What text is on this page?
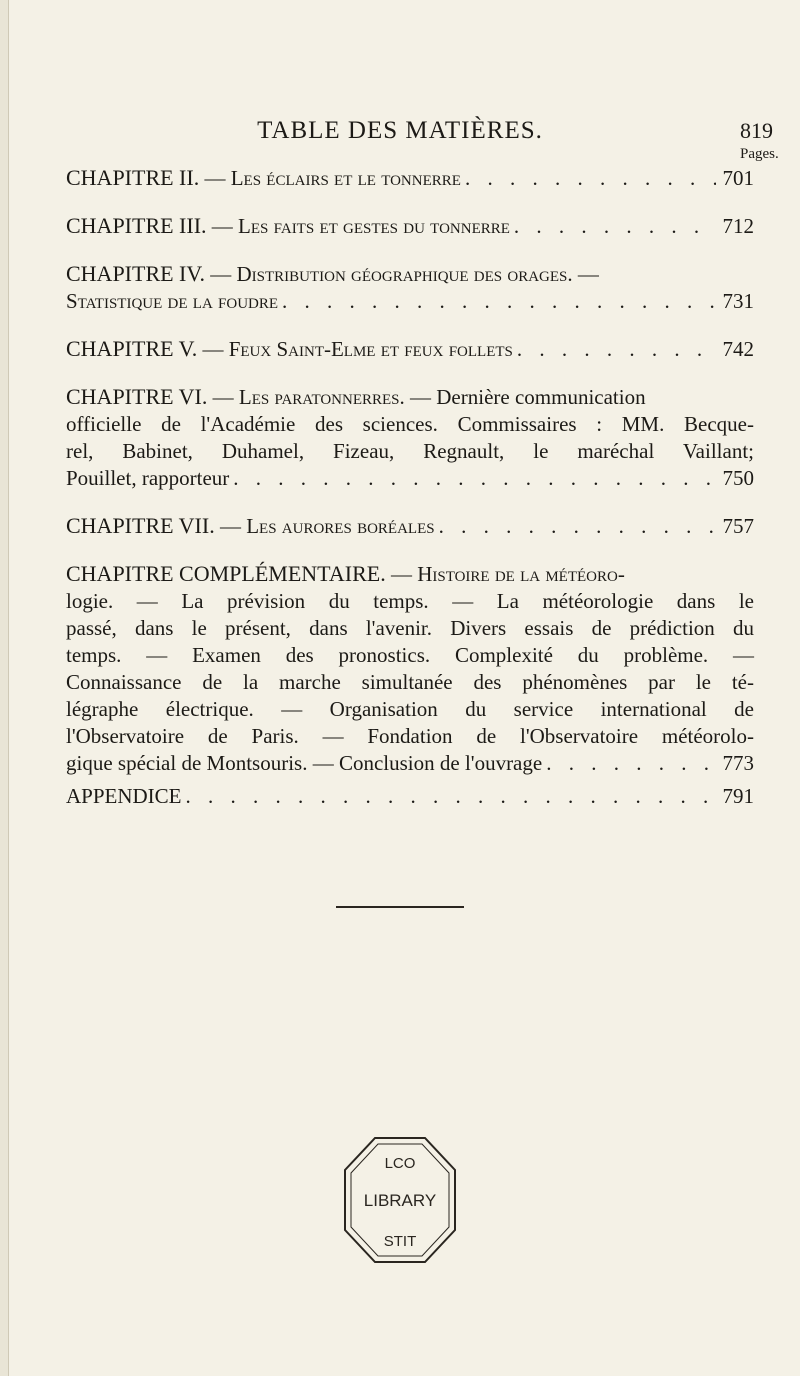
TABLE DES MATIÈRES.	819
Pages.
CHAPITRE II. — Les éclairs et le tonnerre . . .	701
CHAPITRE III. — Les faits et gestes du tonnerre . . .	712
CHAPITRE IV. — Distribution géographique des orages. —
Statistique de la foudre . . .	731
CHAPITRE V. — Feux Saint-Elme et feux follets . . .	742
CHAPITRE VI. — Les paratonnerres. — Dernière communication
officielle de l'Académie des sciences. Commissaires : MM. Becque-
rel, Babinet, Duhamel, Fizeau, Regnault, le maréchal Vaillant;
Pouillet, rapporteur . . .	750
CHAPITRE VII. — Les aurores boréales . . .	757
CHAPITRE COMPLÉMENTAIRE. — Histoire de la météoro-
logie. — La prévision du temps. — La météorologie dans le
passé, dans le présent, dans l'avenir. Divers essais de prédiction du
temps. — Examen des pronostics. Complexité du problème. —
Connaissance de la marche simultanée des phénomènes par le té-
légraphe électrique. — Organisation du service international de
l'Observatoire de Paris. — Fondation de l'Observatoire météorolo-
gique spécial de Montsouris. — Conclusion de l'ouvrage . . .	773
APPENDICE . . .	791
LCO
LIBRARY
STIT
